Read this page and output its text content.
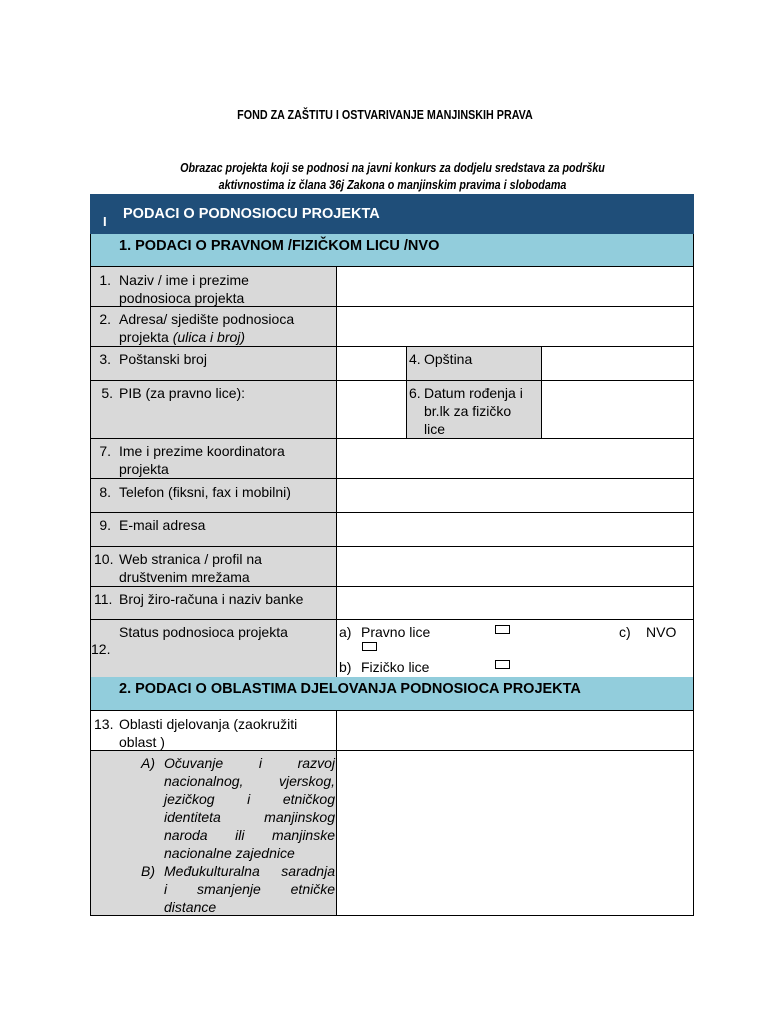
FOND ZA ZAŠTITU I OSTVARIVANJE MANJINSKIH PRAVA
Obrazac projekta koji se podnosi na javni konkurs za dodjelu sredstava za podršku
aktivnostima iz člana 36j Zakona o manjinskim pravima i slobodama
I PODACI O PODNOSIOCU PROJEKTA
1. PODACI O PRAVNOM /FIZIČKOM LICU /NVO
1. Naziv / ime i prezime
podnosioca projekta
2. Adresa/ sjedište podnosioca
projekta (ulica i broj)
3. Poštanski broj	4. Opština
5. PIB (za pravno lice):	6. Datum rođenja i
br.lk za fizičko
lice
7. Ime i prezime koordinatora
projekta
8. Telefon (fiksni, fax i mobilni)
9. E-mail adresa
10. Web stranica / profil na
društvenim mrežama
11. Broj žiro-računa i naziv banke
12.
Status podnosioca projekta	a) Pravno lice	c) NVO
b) Fizičko lice
2. PODACI O OBLASTIMA DJELOVANJA PODNOSIOCA PROJEKTA
13. Oblasti djelovanja (zaokružiti
oblast )
A) Očuvanje i razvoj
nacionalnog, vjerskog,
jezičkog i etničkog
identiteta manjinskog
naroda ili manjinske
nacionalne zajednice
B) Međukulturalna saradnja
i smanjenje etničke
distance
